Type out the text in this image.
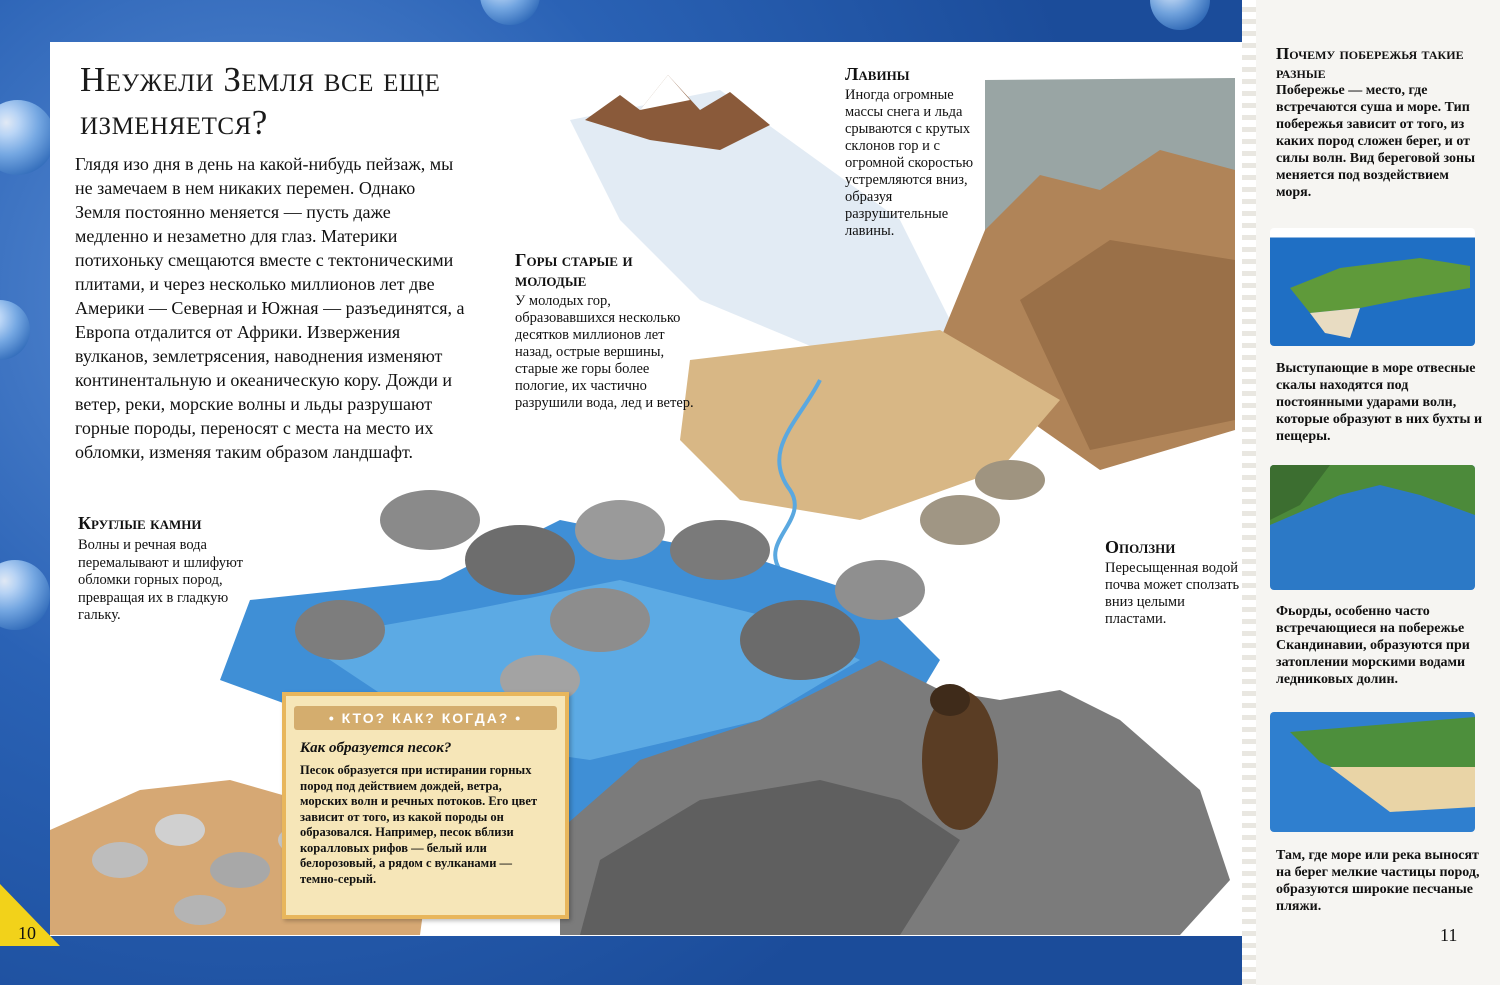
Неужели Земля все еще изменяется?

Глядя изо дня в день на какой-нибудь пейзаж, мы не замечаем в нем никаких перемен. Однако Земля постоянно меняется — пусть даже медленно и незаметно для глаз. Материки потихоньку смещаются вместе с тектоническими плитами, и через несколько миллионов лет две Америки — Северная и Южная — разъединятся, а Европа отдалится от Африки. Извержения вулканов, землетрясения, наводнения изменяют континентальную и океаническую кору. Дожди и ветер, реки, морские волны и льды разрушают горные породы, переносят с места на место их обломки, изменяя таким образом ландшафт.

Круглые камни

Волны и речная вода перемалывают и шлифуют обломки горных пород, превращая их в гладкую гальку.

Горы старые и молодые

У молодых гор, образовавшихся несколько десятков миллионов лет назад, острые вершины, старые же горы более пологие, их частично разрушили вода, лед и ветер.

Лавины

Иногда огромные массы снега и льда срываются с крутых склонов гор и с огромной скоростью устремляются вниз, образуя разрушительные лавины.

Оползни

Пересыщенная водой почва может сползать вниз целыми пластами.

Почему побережья такие разные

Побережье — место, где встречаются суша и море. Тип побережья зависит от того, из каких пород сложен берег, и от силы волн. Вид береговой зоны меняется под воздействием моря.

Выступающие в море отвесные скалы находятся под постоянными ударами волн, которые образуют в них бухты и пещеры.

Фьорды, особенно часто встречающиеся на побережье Скандинавии, образуются при затоплении морскими водами ледниковых долин.

Там, где море или река выносят на берег мелкие частицы пород, образуются широкие песчаные пляжи.

• КТО? КАК? КОГДА? •

Как образуется песок?

Песок образуется при истирании горных пород под действием дождей, ветра, морских волн и речных потоков. Его цвет зависит от того, из какой породы он образовался. Например, песок вблизи коралловых рифов — белый или белорозовый, а рядом с вулканами — темно-серый.

10	11
